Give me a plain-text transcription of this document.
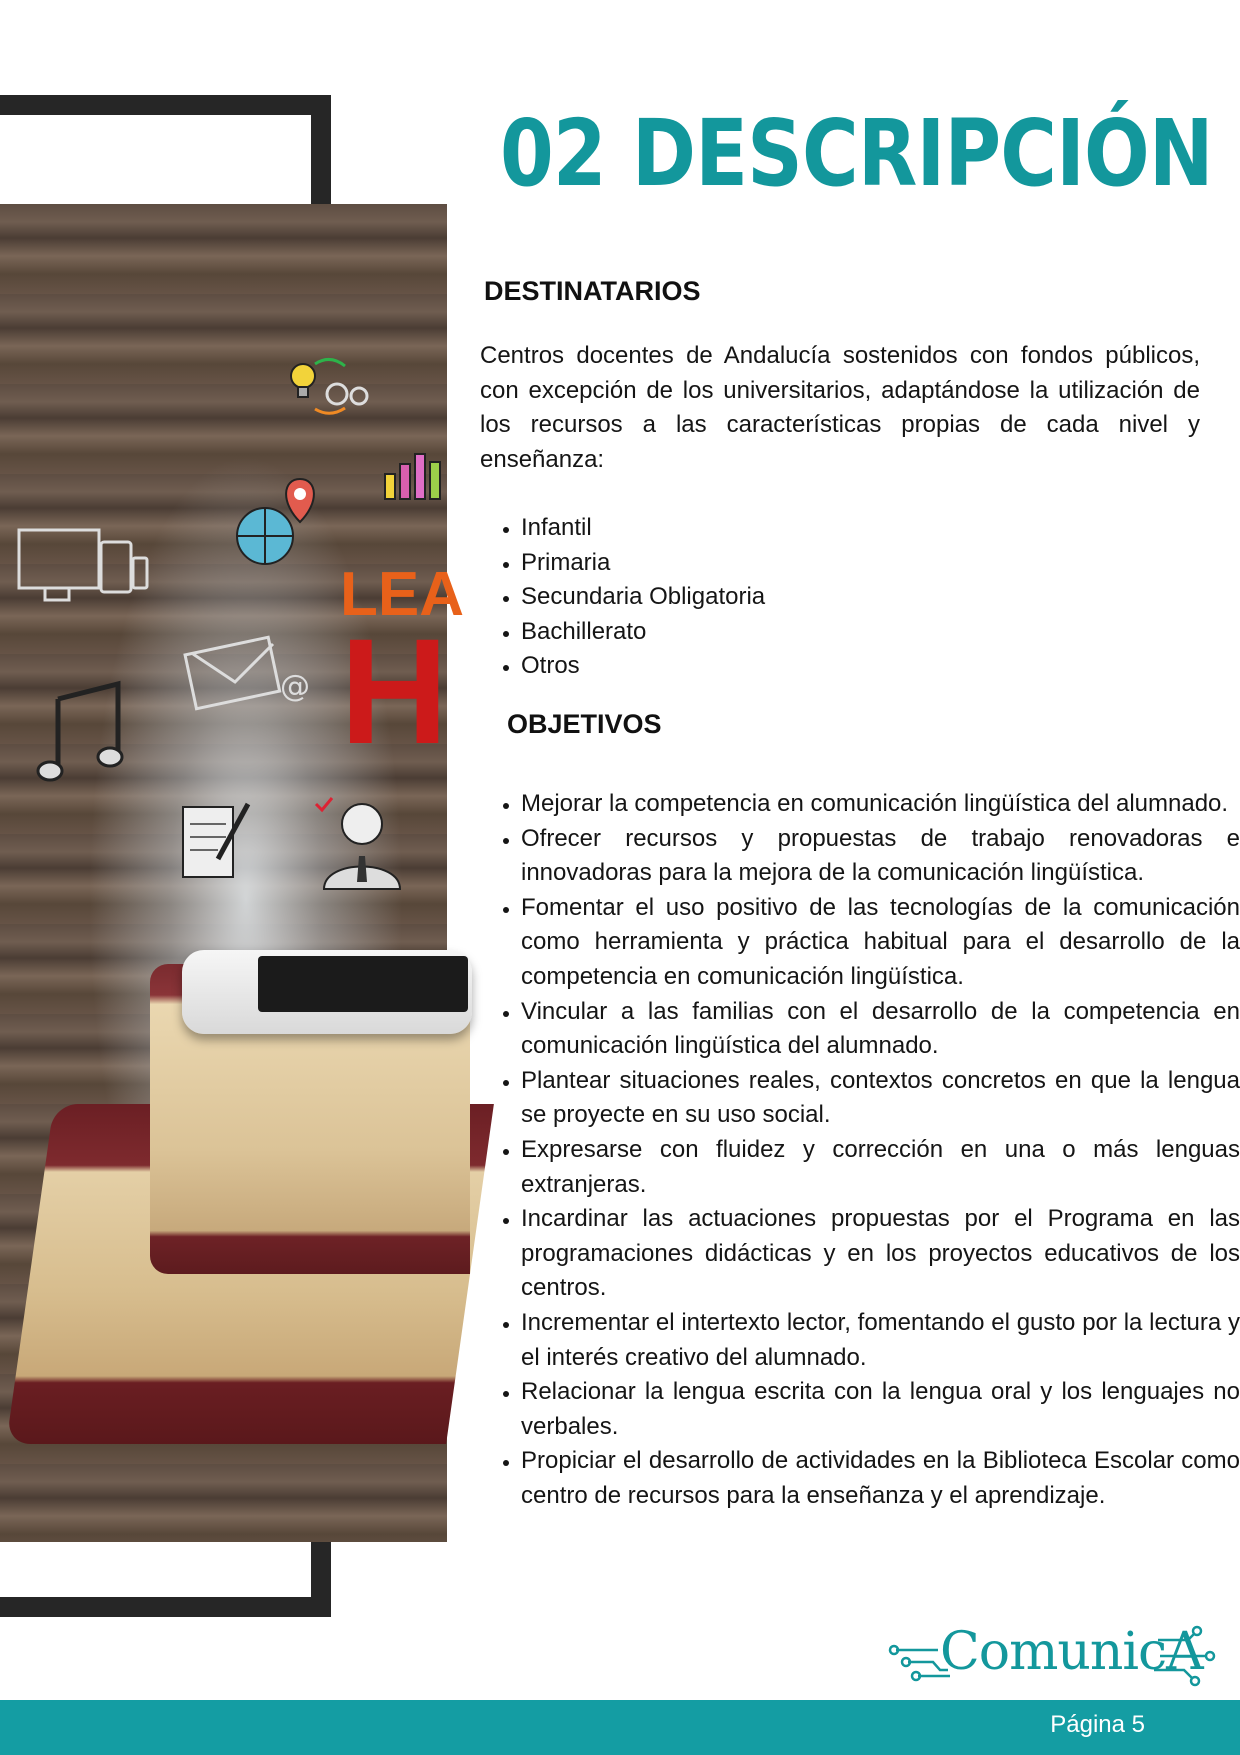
LEA
H
@
02 DESCRIPCIÓN
DESTINATARIOS

Centros docentes de Andalucía sostenidos con fondos públicos, con excepción de los universitarios, adaptándose la utilización de los recursos a las características propias de cada nivel y enseñanza:

• Infantil
• Primaria
• Secundaria Obligatoria
• Bachillerato
• Otros
OBJETIVOS
• Mejorar la competencia en comunicación lingüística del alumnado.
• Ofrecer recursos y propuestas de trabajo renovadoras e innovadoras para la mejora de la comunicación lingüística.
• Fomentar el uso positivo de las tecnologías de la comunicación como herramienta y práctica habitual para el desarrollo de la competencia en comunicación lingüística.
• Vincular a las familias con el desarrollo de la competencia en comunicación lingüística del alumnado.
• Plantear situaciones reales, contextos concretos en que la lengua se proyecte en su uso social.
• Expresarse con fluidez y corrección en una o más lenguas extranjeras.
• Incardinar las actuaciones propuestas por el Programa en las programaciones didácticas y en los proyectos educativos de los centros.
• Incrementar el intertexto lector, fomentando el gusto por la lectura y el interés creativo del alumnado.
• Relacionar la lengua escrita con la lengua oral y los lenguajes no verbales.
• Propiciar el desarrollo de actividades en la Biblioteca Escolar como centro de recursos para la enseñanza y el aprendizaje.
ComunicA
Página 5
